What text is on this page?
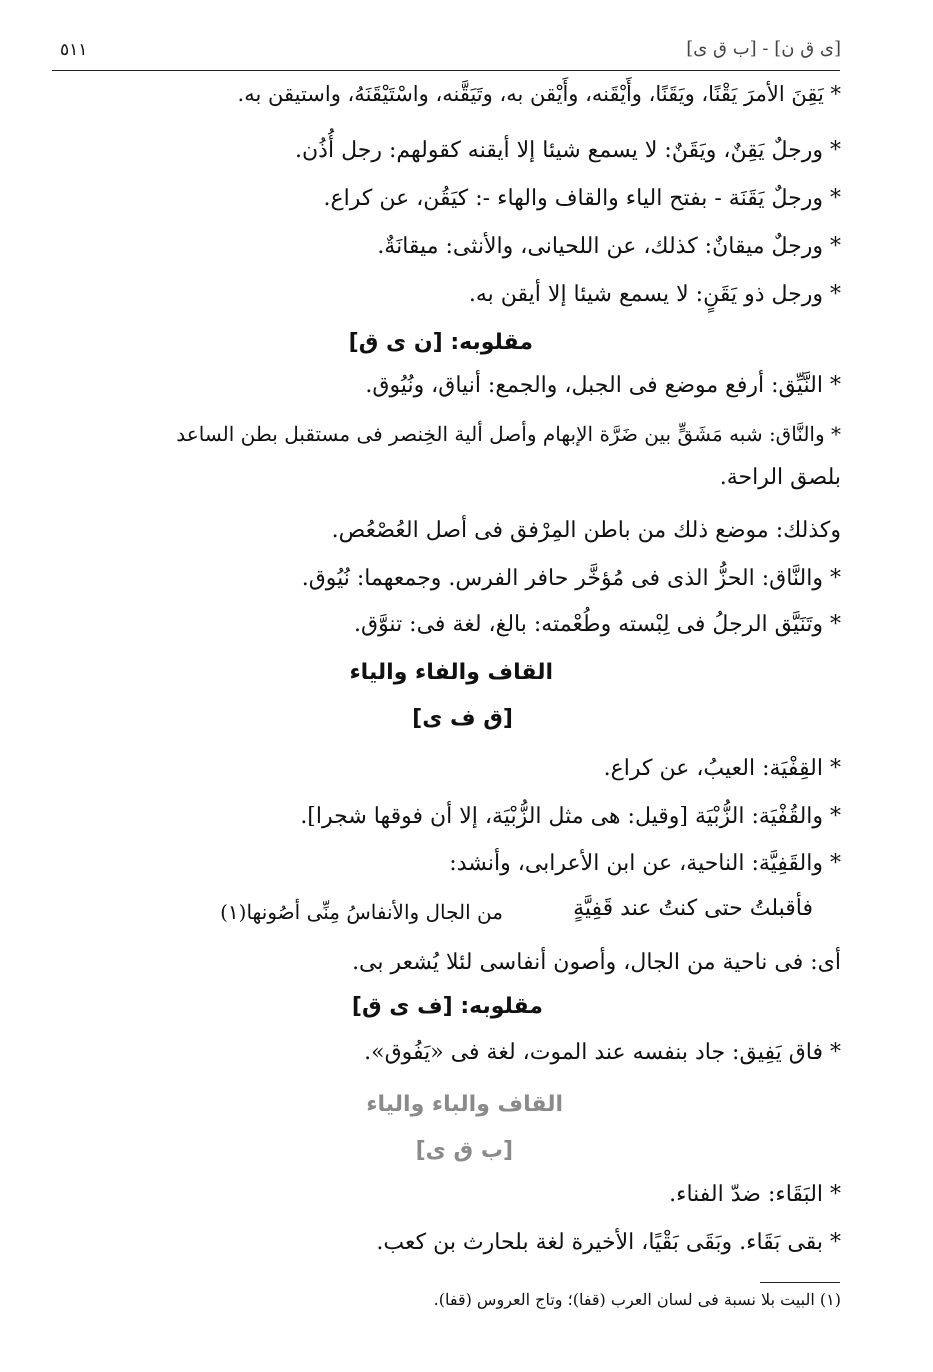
[ى ق ن] - [ب ق ى]
٥١١
* يَقِنَ الأمرَ يَقْنًا، ويَقَنًا، وأَيْقَنه، وأَيْقن به، وتَيَقَّنه، واسْتَيْقَنَهُ، واستيقن به.
* ورجلٌ يَقِنٌ، ويَقَنٌ: لا يسمع شيئا إلا أيقنه كقولهم: رجل أُذُن.
* ورجلٌ يَقَنَة - بفتح الياء والقاف والهاء -: كيَقُن، عن كراع.
* ورجلٌ ميقانٌ: كذلك، عن اللحيانى، والأنثى: ميقانَةٌ.
* ورجل ذو يَقَنٍ: لا يسمع شيئا إلا أيقن به.
مقلوبه: [ن ى ق]
* النَّيِّق: أرفع موضع فى الجبل، والجمع: أنياق، ونُيُوق.
* والنَّاق: شبه مَشَقٍّ بين ضَرَّة الإبهام وأصل ألية الخِنصر فى مستقبل بطن الساعد
بلصق الراحة.
وكذلك: موضع ذلك من باطن المِرْفق فى أصل العُصْعُص.
* والنَّاق: الحزُّ الذى فى مُؤخَّر حافر الفرس. وجمعهما: نُيُوق.
* وتَنَيَّق الرجلُ فى لِبْسته وطُعْمته: بالغ، لغة فى: تنوَّق.
القاف والفاء والياء
[ق ف ى]
* القِفْيَة: العيبُ، عن كراع.
* والقُفْيَة: الزُّبْيَة [وقيل: هى مثل الزُّبْيَة، إلا أن فوقها شجرا].
* والقَفِيَّة: الناحية، عن ابن الأعرابى، وأنشد:
فأقبلتُ حتى كنتُ عند قَفِيَّةٍ
من الجال والأنفاسُ مِنِّى أصُونها(١)
أى: فى ناحية من الجال، وأصون أنفاسى لئلا يُشعر بى.
مقلوبه: [ف ى ق]
* فاق يَفِيق: جاد بنفسه عند الموت، لغة فى «يَفُوق».
القاف والباء والياء
[ب ق ى]
* البَقَاء: ضدّ الفناء.
* بقى بَقَاء. وبَقَى بَقْيًا، الأخيرة لغة بلحارث بن كعب.
(١) البيت بلا نسبة فى لسان العرب (قفا)؛ وتاج العروس (قفا).
